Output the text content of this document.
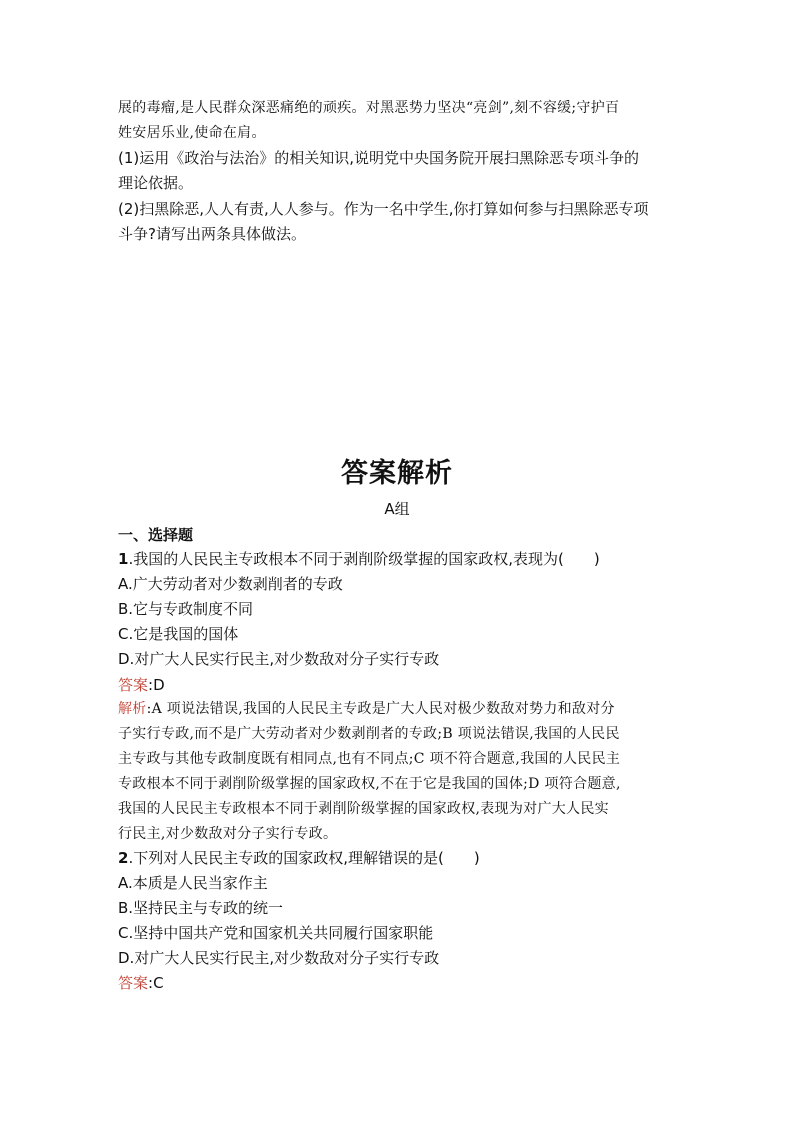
展的毒瘤,是人民群众深恶痛绝的顽疾。对黑恶势力坚决“亮剑”,刻不容缓;守护百
姓安居乐业,使命在肩。
(1)运用《政治与法治》的相关知识,说明党中央国务院开展扫黑除恶专项斗争的
理论依据。
(2)扫黑除恶,人人有责,人人参与。作为一名中学生,你打算如何参与扫黑除恶专项
斗争?请写出两条具体做法。
答案解析
A组
一、选择题
1.我国的人民民主专政根本不同于剥削阶级掌握的国家政权,表现为(　　)
A.广大劳动者对少数剥削者的专政
B.它与专政制度不同
C.它是我国的国体
D.对广大人民实行民主,对少数敌对分子实行专政
答案:D
解析:A 项说法错误,我国的人民民主专政是广大人民对极少数敌对势力和敌对分
子实行专政,而不是广大劳动者对少数剥削者的专政;B 项说法错误,我国的人民民
主专政与其他专政制度既有相同点,也有不同点;C 项不符合题意,我国的人民民主
专政根本不同于剥削阶级掌握的国家政权,不在于它是我国的国体;D 项符合题意,
我国的人民民主专政根本不同于剥削阶级掌握的国家政权,表现为对广大人民实
行民主,对少数敌对分子实行专政。
2.下列对人民民主专政的国家政权,理解错误的是(　　)
A.本质是人民当家作主
B.坚持民主与专政的统一
C.坚持中国共产党和国家机关共同履行国家职能
D.对广大人民实行民主,对少数敌对分子实行专政
答案:C
